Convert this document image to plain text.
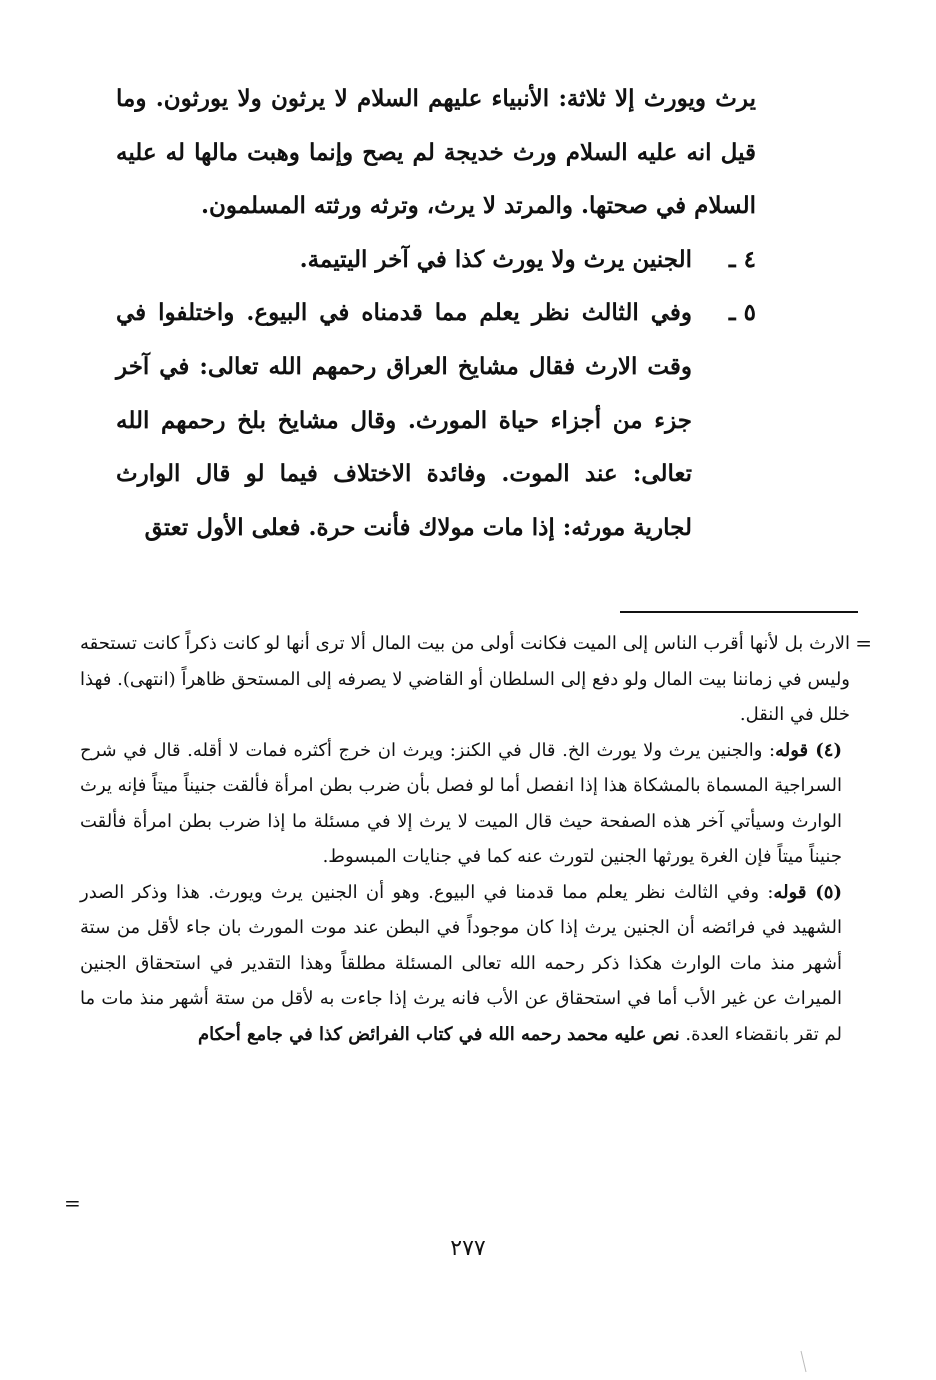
يرث ويورث إلا ثلاثة: الأنبياء عليهم السلام لا يرثون ولا يورثون. وما قيل انه عليه السلام ورث خديجة لم يصح وإنما وهبت مالها له عليه السلام في صحتها. والمرتد لا يرث، وترثه ورثته المسلمون.

٤ ـ
الجنين يرث ولا يورث كذا في آخر اليتيمة.
٥ ـ
وفي الثالث نظر يعلم مما قدمناه في البيوع. واختلفوا في وقت الارث فقال مشايخ العراق رحمهم الله تعالى: في آخر جزء من أجزاء حياة المورث. وقال مشايخ بلخ رحمهم الله تعالى: عند الموت. وفائدة الاختلاف فيما لو قال الوارث لجارية مورثه: إذا مات مولاك فأنت حرة. فعلى الأول تعتق
=

الارث بل لأنها أقرب الناس إلى الميت فكانت أولى من بيت المال ألا ترى أنها لو كانت ذكراً كانت تستحقه وليس في زماننا بيت المال ولو دفع إلى السلطان أو القاضي لا يصرفه إلى المستحق ظاهراً (انتهى). فهذا خلل في النقل.

(٤) قوله: والجنين يرث ولا يورث الخ. قال في الكنز: ويرث ان خرج أكثره فمات لا أقله. قال في شرح السراجية المسماة بالمشكاة هذا إذا انفصل أما لو فصل بأن ضرب بطن امرأة فألقت جنيناً ميتاً فإنه يرث الوارث وسيأتي آخر هذه الصفحة حيث قال الميت لا يرث إلا في مسئلة ما إذا ضرب بطن امرأة فألقت جنيناً ميتاً فإن الغرة يورثها الجنين لتورث عنه كما في جنايات المبسوط.

(٥) قوله: وفي الثالث نظر يعلم مما قدمنا في البيوع. وهو أن الجنين يرث ويورث. هذا وذكر الصدر الشهيد في فرائضه أن الجنين يرث إذا كان موجوداً في البطن عند موت المورث بان جاء لأقل من ستة أشهر منذ مات الوارث هكذا ذكر رحمه الله تعالى المسئلة مطلقاً وهذا التقدير في استحقاق الجنين الميراث عن غير الأب أما في استحقاق عن الأب فانه يرث إذا جاءت به لأقل من ستة أشهر منذ مات ما لم تقر بانقضاء العدة. نص عليه محمد رحمه الله في كتاب الفرائض كذا في جامع أحكام

=
٢٧٧
